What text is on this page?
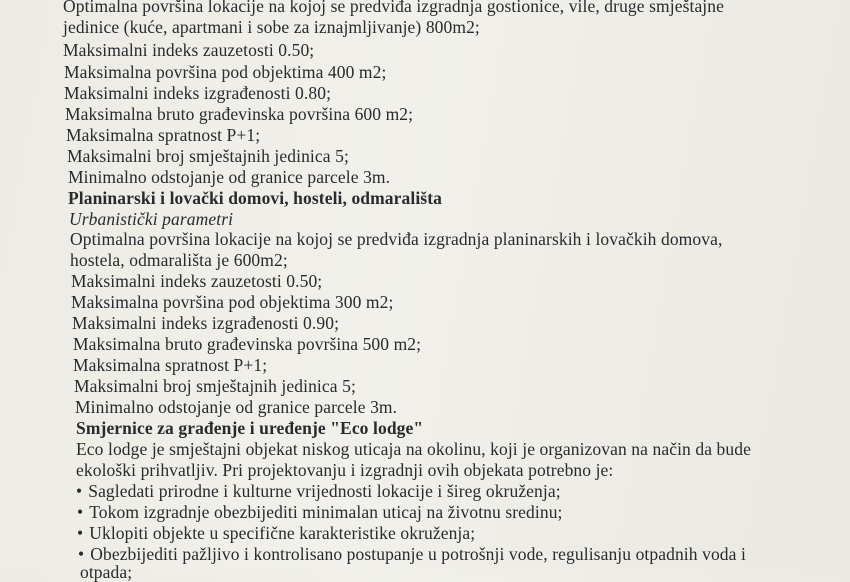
Optimalna površina lokacije na kojoj se predviđa izgradnja gostionice, vile, druge smještajne
jedinice (kuće, apartmani i sobe za iznajmljivanje) 800m2;
Maksimalni indeks zauzetosti 0.50;
Maksimalna površina pod objektima 400 m2;
Maksimalni indeks izgrađenosti 0.80;
Maksimalna bruto građevinska površina 600 m2;
Maksimalna spratnost P+1;
Maksimalni broj smještajnih jedinica 5;
Minimalno odstojanje od granice parcele 3m.
Planinarski i lovački domovi, hosteli, odmarališta
Urbanistički parametri
Optimalna površina lokacije na kojoj se predviđa izgradnja planinarskih i lovačkih domova,
hostela, odmarališta je 600m2;
Maksimalni indeks zauzetosti 0.50;
Maksimalna površina pod objektima 300 m2;
Maksimalni indeks izgrađenosti 0.90;
Maksimalna bruto građevinska površina 500 m2;
Maksimalna spratnost P+1;
Maksimalni broj smještajnih jedinica 5;
Minimalno odstojanje od granice parcele 3m.
Smjernice za građenje i uređenje "Eco lodge"
Eco lodge je smještajni objekat niskog uticaja na okolinu, koji je organizovan na način da bude
ekološki prihvatljiv. Pri projektovanju i izgradnji ovih objekata potrebno je:
• Sagledati prirodne i kulturne vrijednosti lokacije i šireg okruženja;
• Tokom izgradnje obezbijediti minimalan uticaj na životnu sredinu;
• Uklopiti objekte u specifične karakteristike okruženja;
• Obezbijediti pažljivo i kontrolisano postupanje u potrošnji vode, regulisanju otpadnih voda i
otpada;
